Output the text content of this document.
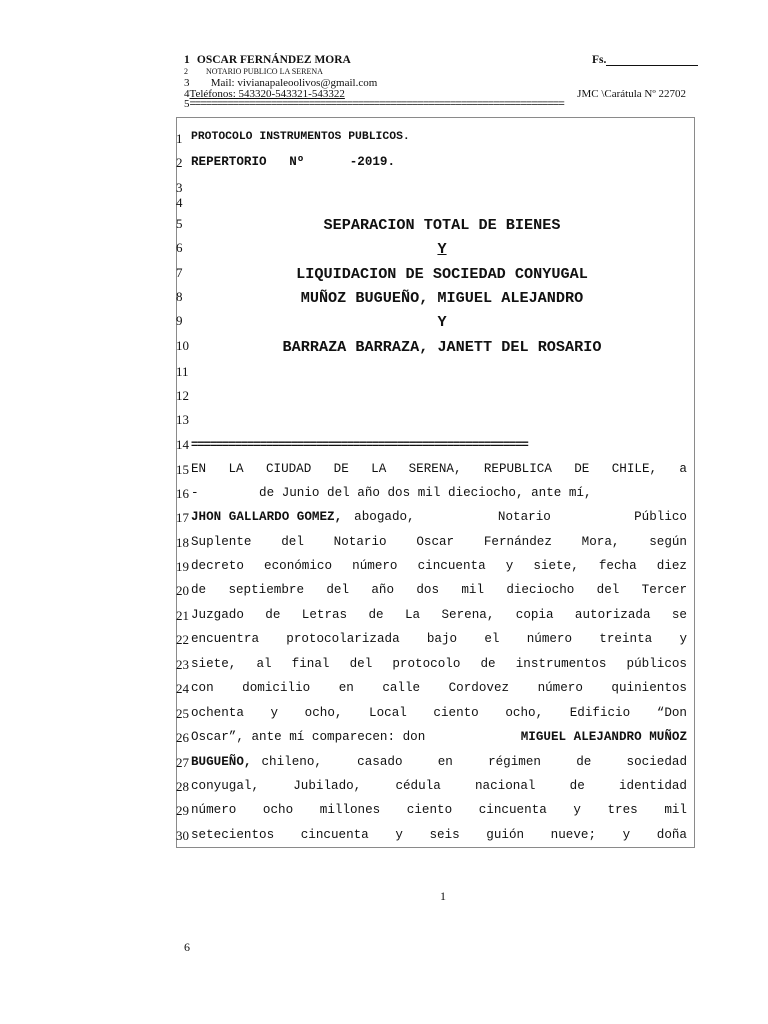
1 OSCAR FERNÁNDEZ MORA
2 NOTARIO PUBLICO LA SERENA
3 Mail: vivianapaleoolivos@gmail.com
4Teléfonos: 543320-543321-543322
5=====================================================================
Fs.
JMC \Carátula Nº 22702
1 PROTOCOLO INSTRUMENTOS PUBLICOS.
2 REPERTORIO   Nº      -2019.
3
4
5	SEPARACION TOTAL DE BIENES
6	Y
7	LIQUIDACION DE SOCIEDAD CONYUGAL
8	MUÑOZ BUGUEÑO, MIGUEL ALEJANDRO
9	Y
10	BARRAZA BARRAZA, JANETT DEL ROSARIO
11
12
13
14 ======================================================
15 EN LA CIUDAD DE LA SERENA, REPUBLICA DE CHILE, a
16 -        de Junio del año dos mil dieciocho, ante mí,
17 JHON GALLARDO GOMEZ, abogado, Notario Público
18 Suplente del Notario Oscar Fernández Mora, según
19 decreto económico número cincuenta y siete, fecha diez
20 de septiembre del año dos mil dieciocho del Tercer
21 Juzgado de Letras de La Serena, copia autorizada se
22 encuentra protocolarizada bajo el número treinta y
23 siete, al final del protocolo de instrumentos públicos
24 con domicilio en calle Cordovez número quinientos
25 ochenta y ocho, Local ciento ocho, Edificio “Don
26 Oscar”, ante mí comparecen: don	MIGUEL ALEJANDRO MUÑOZ
27 BUGUEÑO, chileno, casado en régimen de sociedad
28 conyugal, Jubilado, cédula nacional de identidad
29 número ocho millones ciento cincuenta y tres mil
30 setecientos cincuenta y seis guión nueve; y doña
1
6
